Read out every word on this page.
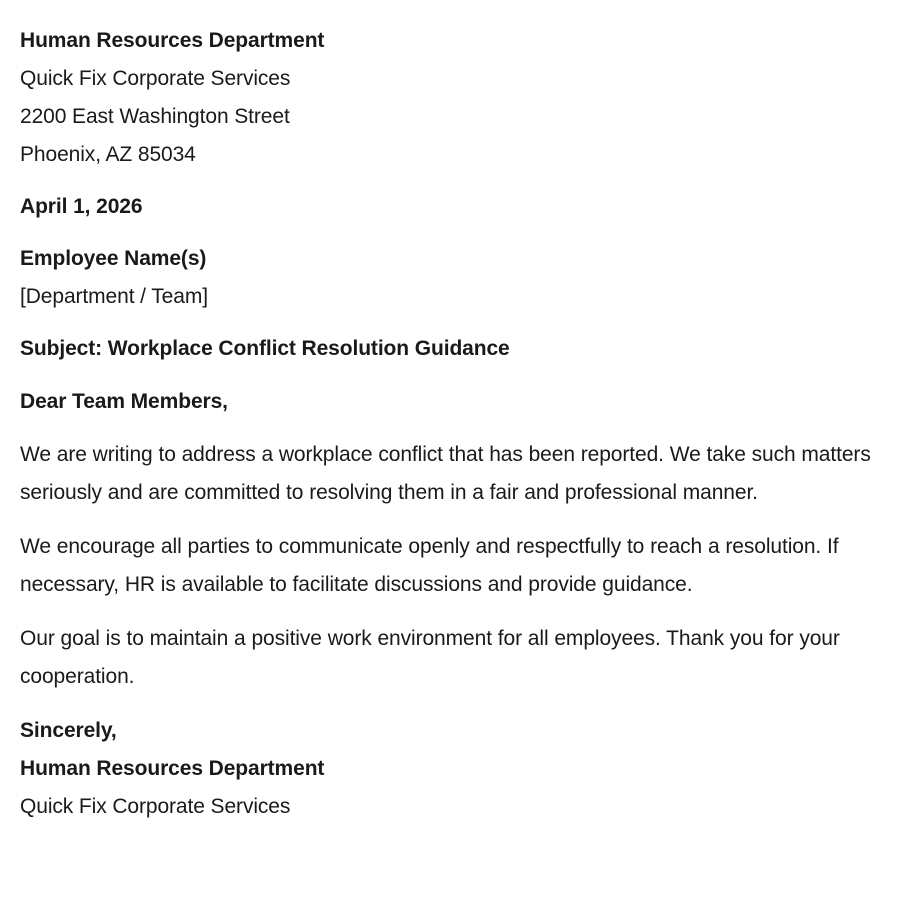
Human Resources Department
Quick Fix Corporate Services
2200 East Washington Street
Phoenix, AZ 85034
April 1, 2026
Employee Name(s)
[Department / Team]
Subject: Workplace Conflict Resolution Guidance
Dear Team Members,

We are writing to address a workplace conflict that has been reported. We take such matters seriously and are committed to resolving them in a fair and professional manner.

We encourage all parties to communicate openly and respectfully to reach a resolution. If necessary, HR is available to facilitate discussions and provide guidance.

Our goal is to maintain a positive work environment for all employees. Thank you for your cooperation.

Sincerely,
Human Resources Department
Quick Fix Corporate Services
